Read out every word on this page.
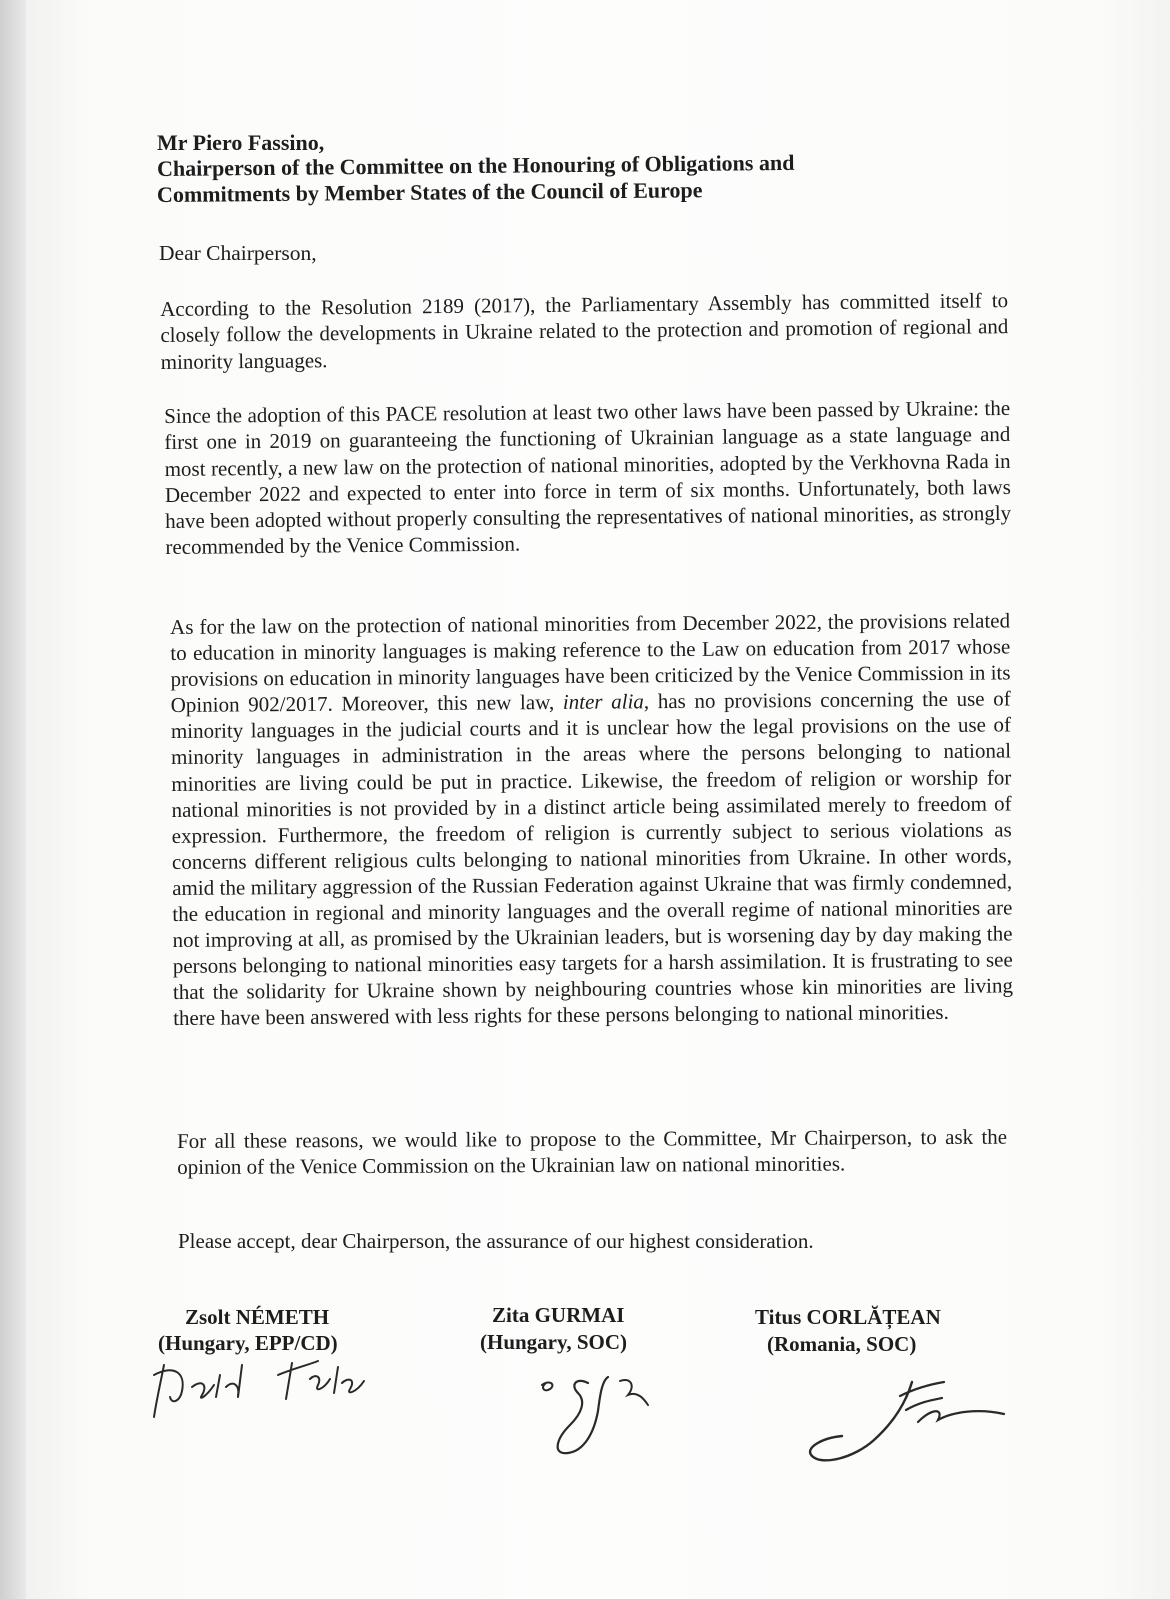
Mr Piero Fassino,
Chairperson of the Committee on the Honouring of Obligations and
Commitments by Member States of the Council of Europe
Dear Chairperson,

According to the Resolution 2189 (2017), the Parliamentary Assembly has committed itself to closely follow the developments in Ukraine related to the protection and promotion of regional and minority languages.

Since the adoption of this PACE resolution at least two other laws have been passed by Ukraine: the first one in 2019 on guaranteeing the functioning of Ukrainian language as a state language and most recently, a new law on the protection of national minorities, adopted by the Verkhovna Rada in December 2022 and expected to enter into force in term of six months. Unfortunately, both laws have been adopted without properly consulting the representatives of national minorities, as strongly recommended by the Venice Commission.

As for the law on the protection of national minorities from December 2022, the provisions related to education in minority languages is making reference to the Law on education from 2017 whose provisions on education in minority languages have been criticized by the Venice Commission in its Opinion 902/2017. Moreover, this new law, inter alia, has no provisions concerning the use of minority languages in the judicial courts and it is unclear how the legal provisions on the use of minority languages in administration in the areas where the persons belonging to national minorities are living could be put in practice. Likewise, the freedom of religion or worship for national minorities is not provided by in a distinct article being assimilated merely to freedom of expression. Furthermore, the freedom of religion is currently subject to serious violations as concerns different religious cults belonging to national minorities from Ukraine. In other words, amid the military aggression of the Russian Federation against Ukraine that was firmly condemned, the education in regional and minority languages and the overall regime of national minorities are not improving at all, as promised by the Ukrainian leaders, but is worsening day by day making the persons belonging to national minorities easy targets for a harsh assimilation. It is frustrating to see that the solidarity for Ukraine shown by neighbouring countries whose kin minorities are living there have been answered with less rights for these persons belonging to national minorities.

For all these reasons, we would like to propose to the Committee, Mr Chairperson, to ask the opinion of the Venice Commission on the Ukrainian law on national minorities.

Please accept, dear Chairperson, the assurance of our highest consideration.

Zsolt NÉMETH
(Hungary, EPP/CD)
Zita GURMAI
(Hungary, SOC)
Titus CORLĂȚEAN
(Romania, SOC)
